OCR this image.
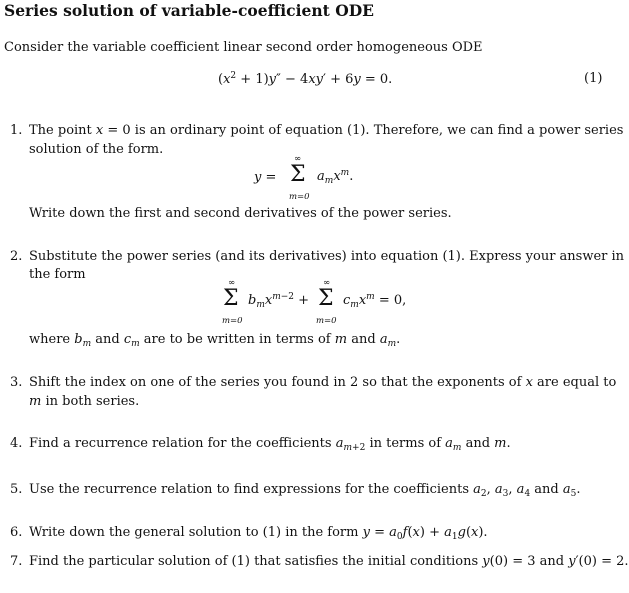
Series solution of variable-coefficient ODE
Consider the variable coefficient linear second order homogeneous ODE
$(x^2 + 1)y'' - 4xy' + 6y = 0$.	(1)
1. The point x = 0 is an ordinary point of equation (1). Therefore, we can find a power series
solution of the form.
∞
y = Σ $a_mx^m$.
m=0
Write down the first and second derivatives of the power series.
2. Substitute the power series (and its derivatives) into equation (1). Express your answer in
the form
∞
Σ $b_mx^{m-2}$ +
∞
Σ $c_mx^m = 0$,
m=0	m=0
where $b_m$ and $c_m$ are to be written in terms of m and $a_m$.
3. Shift the index on one of the series you found in 2 so that the exponents of x are equal to
m in both series.
4. Find a recurrence relation for the coefficients $a_{m+2}$ in terms of $a_m$ and m.
5. Use the recurrence relation to find expressions for the coefficients $a_2$, $a_3$, $a_4$ and $a_5$.
6. Write down the general solution to (1) in the form $y = a_0f(x) + a_1g(x)$.
7. Find the particular solution of (1) that satisfies the initial conditions y(0) = 3 and y′(0) = 2.
